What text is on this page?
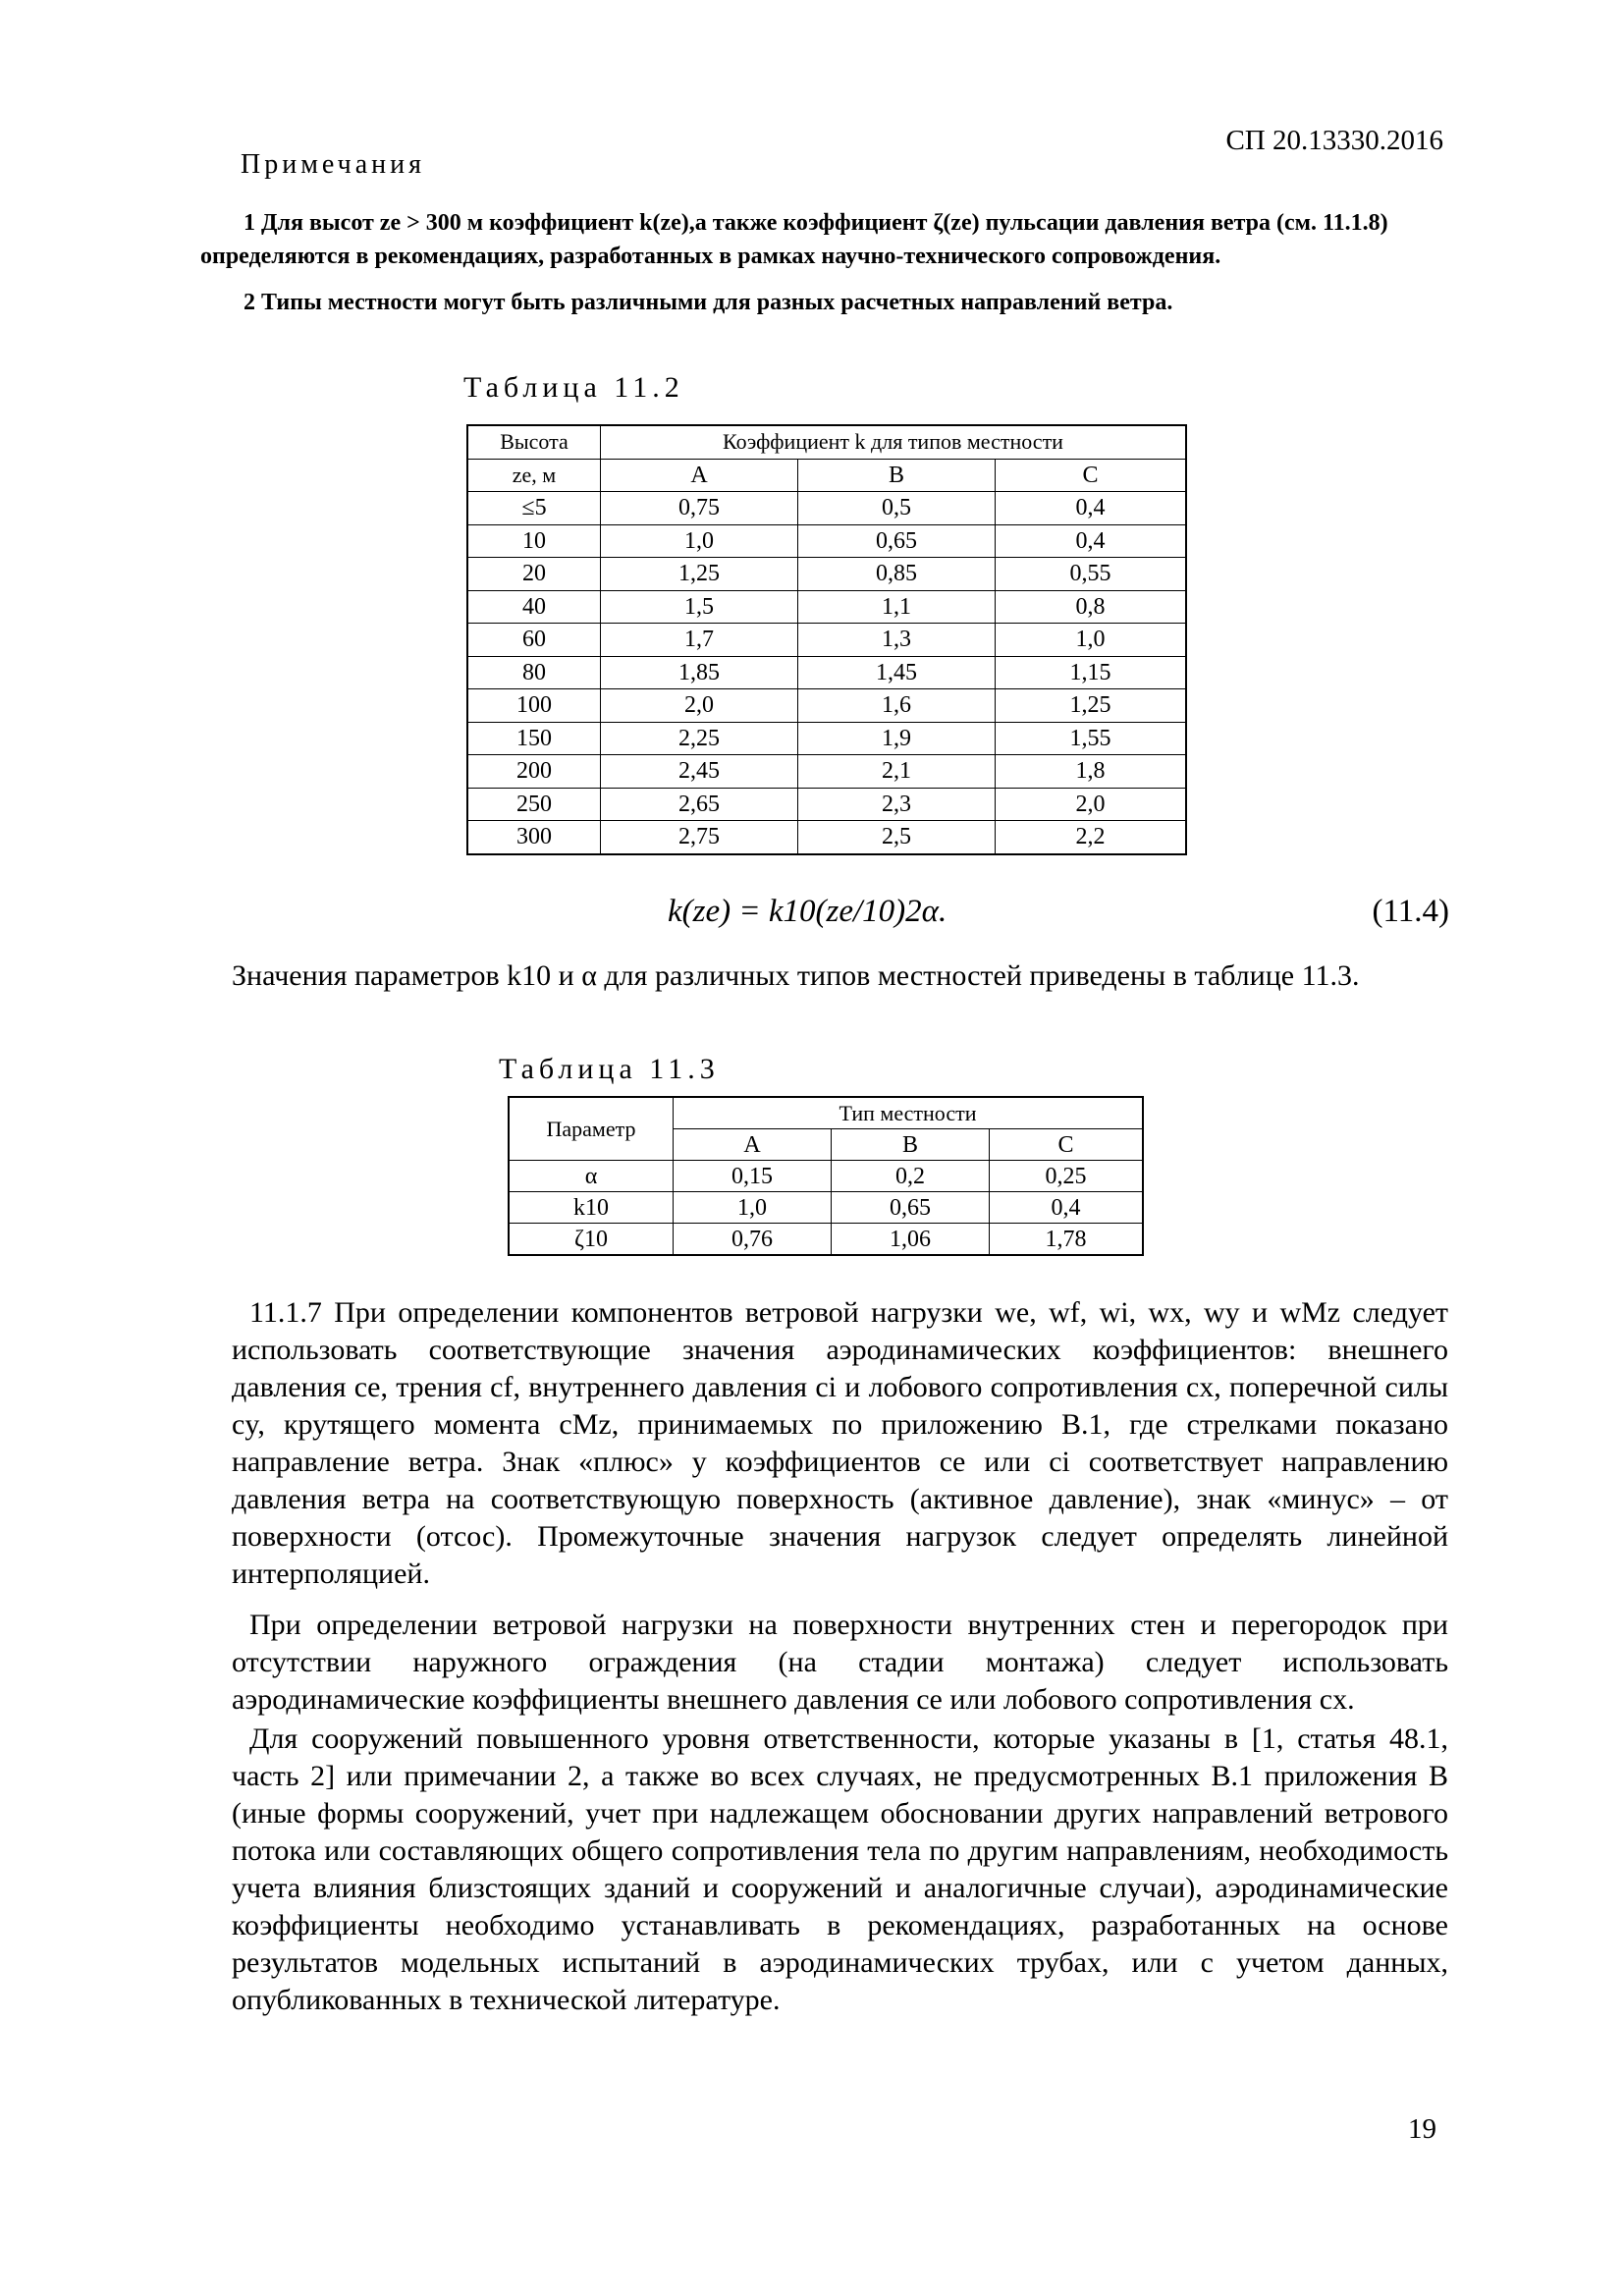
СП 20.13330.2016
Примечания
1 Для высот ze > 300 м коэффициент k(ze),а также коэффициент ζ(ze) пульсации давления ветра (см. 11.1.8) определяются в рекомендациях, разработанных в рамках научно-технического сопровождения.
2 Типы местности могут быть различными для разных расчетных направлений ветра.
Таблица 11.2
Высота	Коэффициент k для типов местности		
ze, м	A	B	C
≤5	0,75	0,5	0,4
10	1,0	0,65	0,4
20	1,25	0,85	0,55
40	1,5	1,1	0,8
60	1,7	1,3	1,0
80	1,85	1,45	1,15
100	2,0	1,6	1,25
150	2,25	1,9	1,55
200	2,45	2,1	1,8
250	2,65	2,3	2,0
300	2,75	2,5	2,2
k(ze) = k10(ze/10)2α.	(11.4)
Значения параметров k10 и α для различных типов местностей приведены в таблице 11.3.
Таблица 11.3
Параметр	Тип местности		
	A	B	C
α	0,15	0,2	0,25
k10	1,0	0,65	0,4
ζ10	0,76	1,06	1,78
11.1.7 При определении компонентов ветровой нагрузки we, wf, wi, wx, wy и wMz следует использовать соответствующие значения аэродинамических коэффициентов: внешнего давления ce, трения cf, внутреннего давления ci и лобового сопротивления cx, поперечной силы cy, крутящего момента cMz, принимаемых по приложению В.1, где стрелками показано направление ветра. Знак «плюс» у коэффициентов ce или ci соответствует направлению давления ветра на соответствующую поверхность (активное давление), знак «минус» – от поверхности (отсос). Промежуточные значения нагрузок следует определять линейной интерполяцией.
При определении ветровой нагрузки на поверхности внутренних стен и перегородок при отсутствии наружного ограждения (на стадии монтажа) следует использовать аэродинамические коэффициенты внешнего давления ce или лобового сопротивления cx.
Для сооружений повышенного уровня ответственности, которые указаны в [1, статья 48.1, часть 2] или примечании 2, а также во всех случаях, не предусмотренных В.1 приложения В (иные формы сооружений, учет при надлежащем обосновании других направлений ветрового потока или составляющих общего сопротивления тела по другим направлениям, необходимость учета влияния близстоящих зданий и сооружений и аналогичные случаи), аэродинамические коэффициенты необходимо устанавливать в рекомендациях, разработанных на основе результатов модельных испытаний в аэродинамических трубах, или с учетом данных, опубликованных в технической литературе.
19
